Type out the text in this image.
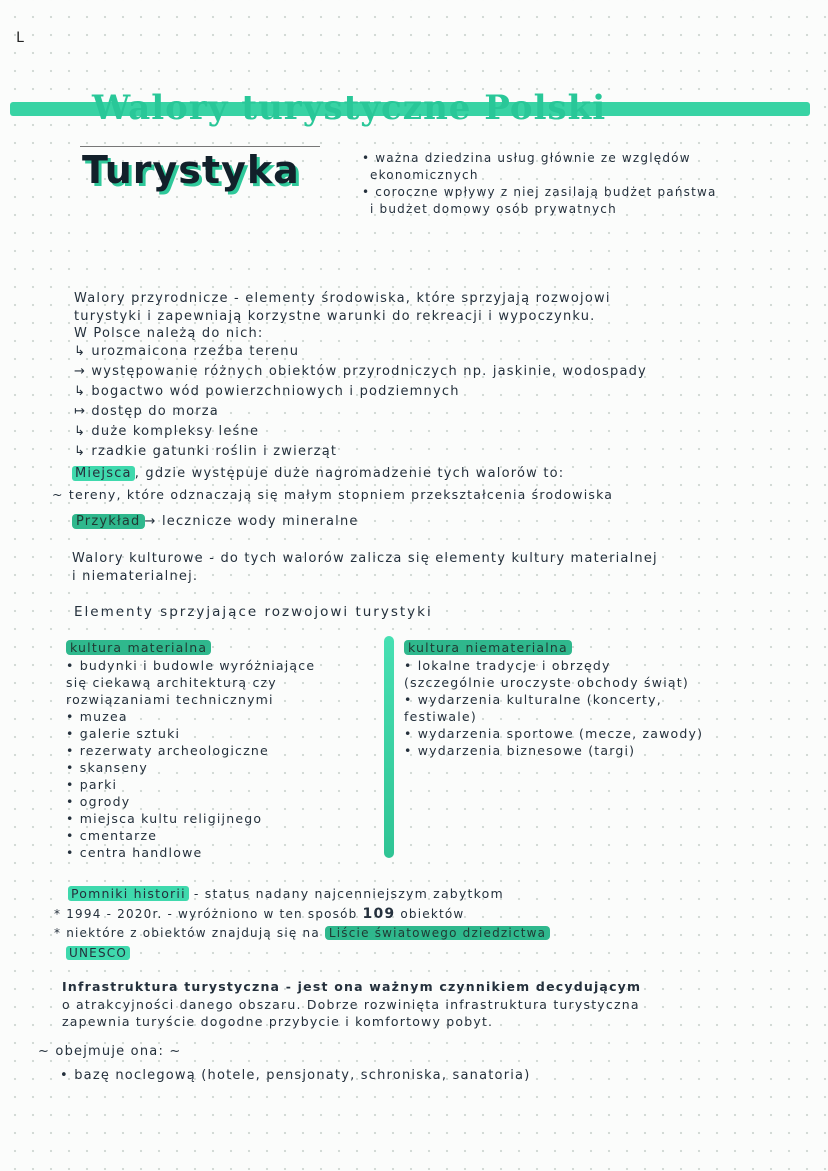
L
Walory turystyczne Polski
Turystyka	• ważna dziedzina usług głównie ze względów
ekonomicznych
• coroczne wpływy z niej zasilają budżet państwa
i budżet domowy osób prywatnych
Walory przyrodnicze - elementy środowiska, które sprzyjają rozwojowi
turystyki i zapewniają korzystne warunki do rekreacji i wypoczynku.
W Polsce należą do nich:
↳ urozmaicona rzeźba terenu
→ występowanie różnych obiektów przyrodniczych np. jaskinie, wodospady
↳ bogactwo wód powierzchniowych i podziemnych
↦ dostęp do morza
↳ duże kompleksy leśne
↳ rzadkie gatunki roślin i zwierząt
Miejsca , gdzie występuje duże nagromadzenie tych walorów to:
~ tereny, które odznaczają się małym stopniem przekształcenia środowiska
Przykład → lecznicze wody mineralne
Walory kulturowe - do tych walorów zalicza się elementy kultury materialnej
i niematerialnej.
Elementy sprzyjające rozwojowi turystyki
kultura materialna
• budynki i budowle wyróżniające
się ciekawą architekturą czy
rozwiązaniami technicznymi
• muzea
• galerie sztuki
• rezerwaty archeologiczne
• skanseny
• parki
• ogrody
• miejsca kultu religijnego
• cmentarze
• centra handlowe
kultura niematerialna
• lokalne tradycje i obrzędy
(szczególnie uroczyste obchody świąt)
• wydarzenia kulturalne (koncerty,
festiwale)
• wydarzenia sportowe (mecze, zawody)
• wydarzenia biznesowe (targi)
Pomniki historii - status nadany najcenniejszym zabytkom
* 1994 - 2020r. - wyróżniono w ten sposób 109 obiektów
* niektóre z obiektów znajdują się na Liście światowego dziedzictwa
UNESCO
Infrastruktura turystyczna - jest ona ważnym czynnikiem decydującym
o atrakcyjności danego obszaru. Dobrze rozwinięta infrastruktura turystyczna
zapewnia turyście dogodne przybycie i komfortowy pobyt.
~ obejmuje ona: ~
• bazę noclegową (hotele, pensjonaty, schroniska, sanatoria)
